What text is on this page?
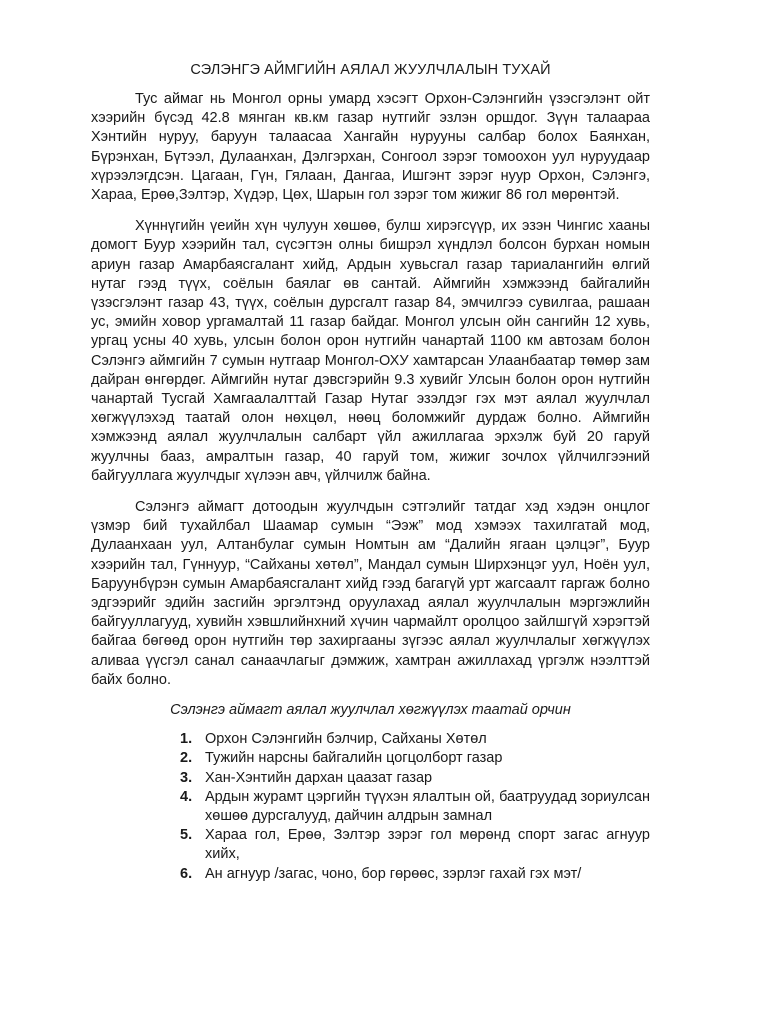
СЭЛЭНГЭ АЙМГИЙН АЯЛАЛ ЖУУЛЧЛАЛЫН ТУХАЙ

Тус аймаг нь Монгол орны умард хэсэгт Орхон-Сэлэнгийн үзэсгэлэнт ойт хээрийн бүсэд 42.8 мянган кв.км газар нутгийг эзлэн оршдог. Зүүн талаараа Хэнтийн нуруу, баруун талаасаа Хангайн нурууны салбар болох Баянхан, Бүрэнхан, Бүтээл, Дулаанхан, Дэлгэрхан, Сонгоол зэрэг томоохон уул нуруудаар хүрээлэгдсэн. Цагаан, Гүн, Гялаан, Дангаа, Ишгэнт зэрэг нуур Орхон, Сэлэнгэ, Хараа, Ерөө,Зэлтэр, Хүдэр, Цөх, Шарын гол зэрэг том жижиг 86 гол мөрөнтэй.

Хүннүгийн үеийн хүн чулуун хөшөө, булш хирэгсүүр, их эзэн Чингис хааны домогт Буур хээрийн тал, сүсэгтэн олны бишрэл хүндлэл болсон бурхан номын ариун газар Амарбаясгалант хийд, Ардын хувьсгал газар тариалангийн өлгий нутаг гээд түүх, соёлын баялаг өв сантай. Аймгийн хэмжээнд байгалийн үзэсгэлэнт газар 43, түүх, соёлын дурсгалт газар 84, эмчилгээ сувилгаа, рашаан ус, эмийн ховор ургамалтай 11 газар байдаг. Монгол улсын ойн сангийн 12 хувь, ургац усны 40 хувь, улсын болон орон нутгийн чанартай 1100 км автозам болон Сэлэнгэ аймгийн 7 сумын нутгаар Монгол-ОХУ хамтарсан Улаанбаатар төмөр зам дайран өнгөрдөг. Аймгийн нутаг дэвсгэрийн 9.3 хувийг Улсын болон орон нутгийн чанартай Тусгай Хамгаалалттай Газар Нутаг эзэлдэг гэх мэт аялал жуулчлал хөгжүүлэхэд таатай олон нөхцөл, нөөц боломжийг дурдаж болно. Аймгийн хэмжээнд аялал жуулчлалын салбарт үйл ажиллагаа эрхэлж буй 20 гаруй жуулчны бааз, амралтын газар, 40 гаруй том, жижиг зочлох үйлчилгээний байгууллага жуулчдыг хүлээн авч, үйлчилж байна.

Сэлэнгэ аймагт дотоодын жуулчдын сэтгэлийг татдаг хэд хэдэн онцлог үзмэр бий тухайлбал Шаамар сумын “Ээж” мод хэмээх тахилгатай мод, Дулаанхаан уул, Алтанбулаг сумын Номтын ам “Далийн ягаан цэлцэг”, Буур хээрийн тал, Гүннуур, “Сайханы хөтөл”, Мандал сумын Ширхэнцэг уул, Ноён уул, Баруунбүрэн сумын Амарбаясгалант хийд гээд багагүй урт жагсаалт гаргаж болно эдгээрийг эдийн засгийн эргэлтэнд оруулахад аялал жуулчлалын мэргэжлийн байгууллагууд, хувийн хэвшлийнхний хүчин чармайлт оролцоо зайлшгүй хэрэгтэй байгаа бөгөөд орон нутгийн төр захиргааны зүгээс аялал жуулчлалыг хөгжүүлэх аливаа үүсгэл санал санаачлагыг дэмжиж, хамтран ажиллахад үргэлж нээлттэй байх болно.

Сэлэнгэ аймагт аялал жуулчлал хөгжүүлэх таатай орчин
1. Орхон Сэлэнгийн бэлчир, Сайханы Хөтөл
2. Тужийн нарсны байгалийн цогцолборт газар
3. Хан-Хэнтийн дархан цаазат газар
4. Ардын журамт цэргийн түүхэн ялалтын ой, баатруудад зориулсан хөшөө дурсгалууд, дайчин алдрын замнал
5. Хараа гол, Ерөө, Зэлтэр зэрэг гол мөрөнд спорт загас агнуур хийх,
6. Ан агнуур /загас, чоно, бор гөрөөс, зэрлэг гахай гэх мэт/
